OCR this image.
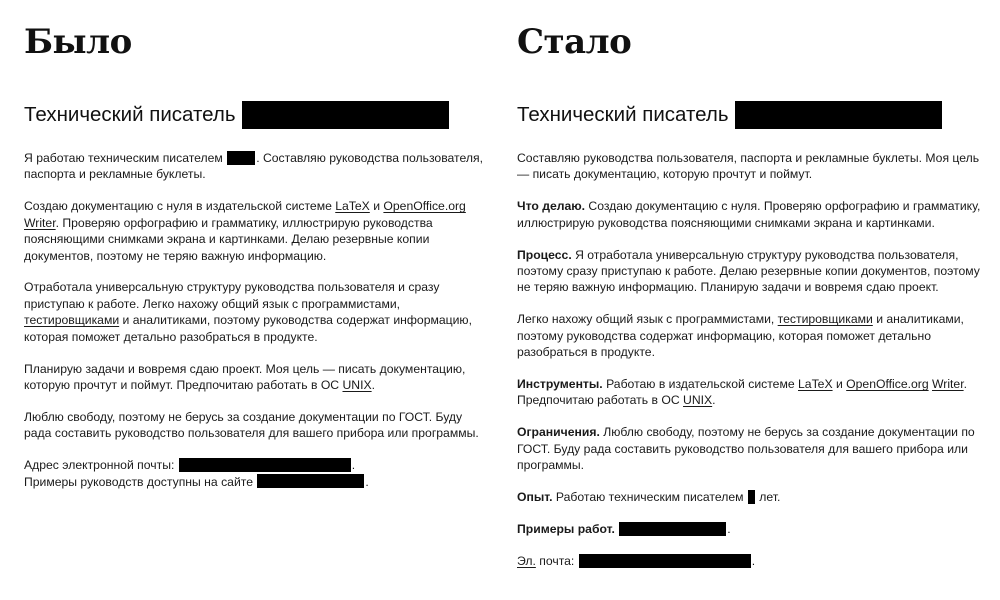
Было
Технический писатель

Я работаю техническим писателем	. Составляю руководства пользователя, паспорта и рекламные буклеты.

Создаю документацию с нуля в издательской системе LaTeX и OpenOffice.org Writer. Проверяю орфографию и грамматику, иллюстрирую руководства поясняющими снимками экрана и картинками. Делаю резервные копии документов, поэтому не теряю важную информацию.

Отработала универсальную структуру руководства пользователя и сразу приступаю к работе. Легко нахожу общий язык с программистами, тестировщиками и аналитиками, поэтому руководства содержат информацию, которая поможет детально разобраться в продукте.

Планирую задачи и вовремя сдаю проект. Моя цель — писать документацию, которую прочтут и поймут. Предпочитаю работать в ОС UNIX.

Люблю свободу, поэтому не берусь за создание документации по ГОСТ. Буду рада составить руководство пользователя для вашего прибора или программы.

Адрес электронной почты:	.

Примеры руководств доступны на сайте	.

Стало
Технический писатель

Составляю руководства пользователя, паспорта и рекламные буклеты. Моя цель — писать документацию, которую прочтут и поймут.

Что делаю. Создаю документацию с нуля. Проверяю орфографию и грамматику, иллюстрирую руководства поясняющими снимками экрана и картинками.

Процесс. Я отработала универсальную структуру руководства пользователя, поэтому сразу приступаю к работе. Делаю резервные копии документов, поэтому не теряю важную информацию. Планирую задачи и вовремя сдаю проект.

Легко нахожу общий язык с программистами, тестировщиками и аналитиками, поэтому руководства содержат информацию, которая поможет детально разобраться в продукте.

Инструменты. Работаю в издательской системе LaTeX и OpenOffice.org Writer. Предпочитаю работать в ОС UNIX.

Ограничения. Люблю свободу, поэтому не берусь за создание документации по ГОСТ. Буду рада составить руководство пользователя для вашего прибора или программы.

Опыт. Работаю техническим писателем  лет.

Примеры работ.	.

Эл. почта:	.
